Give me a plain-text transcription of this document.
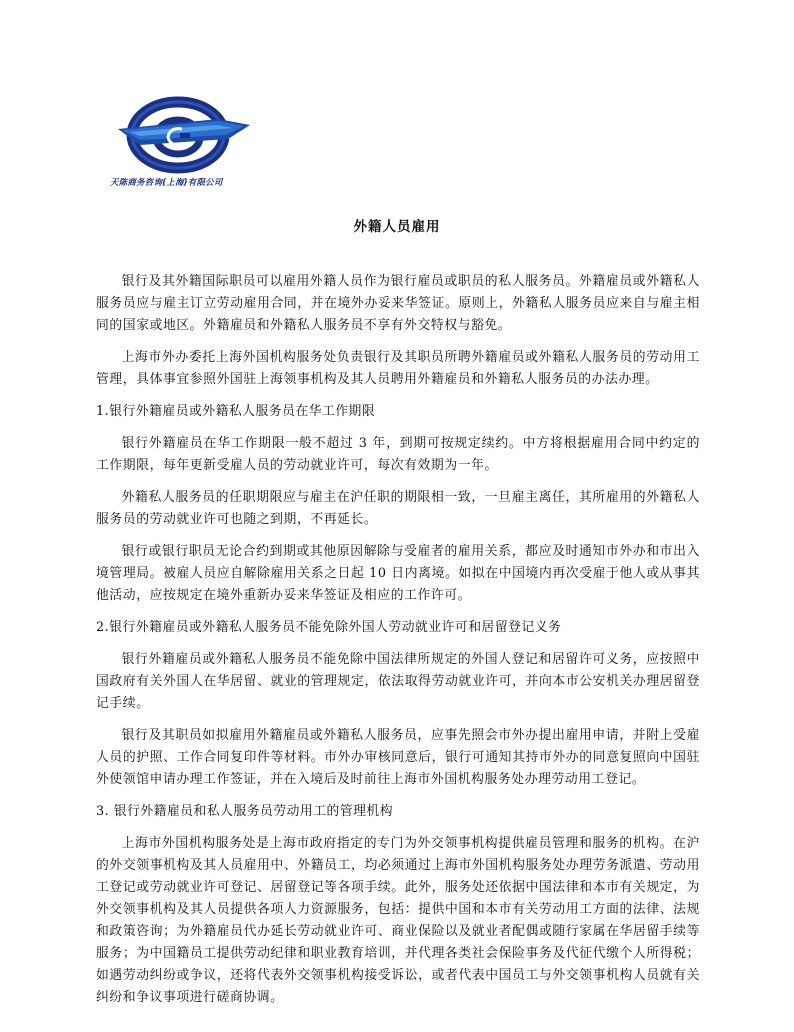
天陈商务咨询(上海)有限公司
外籍人员雇用

银行及其外籍国际职员可以雇用外籍人员作为银行雇员或职员的私人服务员。外籍雇员或外籍私人服务员应与雇主订立劳动雇用合同，并在境外办妥来华签证。原则上，外籍私人服务员应来自与雇主相同的国家或地区。外籍雇员和外籍私人服务员不享有外交特权与豁免。

上海市外办委托上海外国机构服务处负责银行及其职员所聘外籍雇员或外籍私人服务员的劳动用工管理，具体事宜参照外国驻上海领事机构及其人员聘用外籍雇员和外籍私人服务员的办法办理。

1.银行外籍雇员或外籍私人服务员在华工作期限

银行外籍雇员在华工作期限一般不超过 3 年，到期可按规定续约。中方将根据雇用合同中约定的工作期限，每年更新受雇人员的劳动就业许可，每次有效期为一年。

外籍私人服务员的任职期限应与雇主在沪任职的期限相一致，一旦雇主离任，其所雇用的外籍私人服务员的劳动就业许可也随之到期，不再延长。

银行或银行职员无论合约到期或其他原因解除与受雇者的雇用关系，都应及时通知市外办和市出入境管理局。被雇人员应自解除雇用关系之日起 10 日内离境。如拟在中国境内再次受雇于他人或从事其他活动，应按规定在境外重新办妥来华签证及相应的工作许可。

2.银行外籍雇员或外籍私人服务员不能免除外国人劳动就业许可和居留登记义务

银行外籍雇员或外籍私人服务员不能免除中国法律所规定的外国人登记和居留许可义务，应按照中国政府有关外国人在华居留、就业的管理规定，依法取得劳动就业许可，并向本市公安机关办理居留登记手续。

银行及其职员如拟雇用外籍雇员或外籍私人服务员，应事先照会市外办提出雇用申请，并附上受雇人员的护照、工作合同复印件等材料。市外办审核同意后，银行可通知其持市外办的同意复照向中国驻外使领馆申请办理工作签证，并在入境后及时前往上海市外国机构服务处办理劳动用工登记。

3. 银行外籍雇员和私人服务员劳动用工的管理机构

上海市外国机构服务处是上海市政府指定的专门为外交领事机构提供雇员管理和服务的机构。在沪的外交领事机构及其人员雇用中、外籍员工，均必须通过上海市外国机构服务处办理劳务派遣、劳动用工登记或劳动就业许可登记、居留登记等各项手续。此外，服务处还依据中国法律和本市有关规定，为外交领事机构及其人员提供各项人力资源服务，包括：提供中国和本市有关劳动用工方面的法律、法规和政策咨询；为外籍雇员代办延长劳动就业许可、商业保险以及就业者配偶或随行家属在华居留手续等服务；为中国籍员工提供劳动纪律和职业教育培训，并代理各类社会保险事务及代征代缴个人所得税；如遇劳动纠纷或争议，还将代表外交领事机构接受诉讼，或者代表中国员工与外交领事机构人员就有关纠纷和争议事项进行磋商协调。
